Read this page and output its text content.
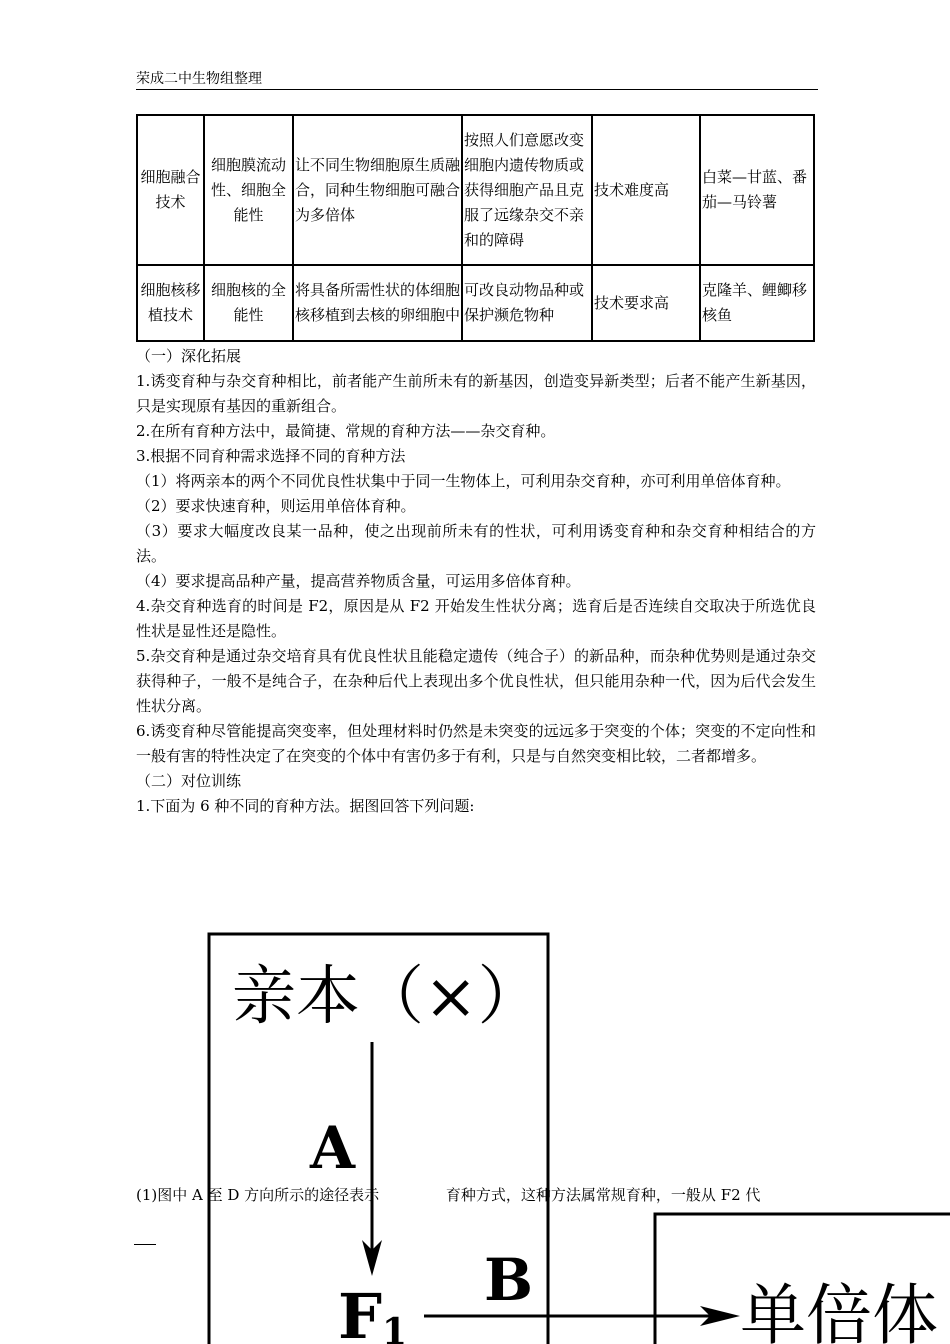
荣成二中生物组整理
细胞融合技术	细胞膜流动性、细胞全能性	让不同生物细胞原生质融合，同种生物细胞可融合为多倍体	按照人们意愿改变细胞内遗传物质或获得细胞产品且克服了远缘杂交不亲和的障碍	技术难度高	白菜—甘蓝、番茄—马铃薯
细胞核移植技术	细胞核的全能性	将具备所需性状的体细胞核移植到去核的卵细胞中	可改良动物品种或保护濒危物种	技术要求高	克隆羊、鲤鲫移核鱼

（一）深化拓展

1.诱变育种与杂交育种相比，前者能产生前所未有的新基因，创造变异新类型；后者不能产生新基因，只是实现原有基因的重新组合。

2.在所有育种方法中，最简捷、常规的育种方法——杂交育种。

3.根据不同育种需求选择不同的育种方法

（1）将两亲本的两个不同优良性状集中于同一生物体上，可利用杂交育种，亦可利用单倍体育种。

（2）要求快速育种，则运用单倍体育种。

（3）要求大幅度改良某一品种，使之出现前所未有的性状，可利用诱变育种和杂交育种相结合的方法。

（4）要求提高品种产量，提高营养物质含量，可运用多倍体育种。

4.杂交育种选育的时间是 F2，原因是从 F2 开始发生性状分离；选育后是否连续自交取决于所选优良性状是显性还是隐性。

5.杂交育种是通过杂交培育具有优良性状且能稳定遗传（纯合子）的新品种，而杂种优势则是通过杂交获得种子，一般不是纯合子，在杂种后代上表现出多个优良性状，但只能用杂种一代，因为后代会发生性状分离。

6.诱变育种尽管能提高突变率，但处理材料时仍然是未突变的远远多于突变的个体；突变的不定向性和一般有害的特性决定了在突变的个体中有害仍多于有利，只是与自然突变相比较，二者都增多。

（二）对位训练

1.下面为 6 种不同的育种方法。据图回答下列问题:

(1)图中 A 至 D 方向所示的途径表示              育种方式，这种方法属常规育种，一般从 F2 代
亲本（×）
A
F1
B	单倍体
